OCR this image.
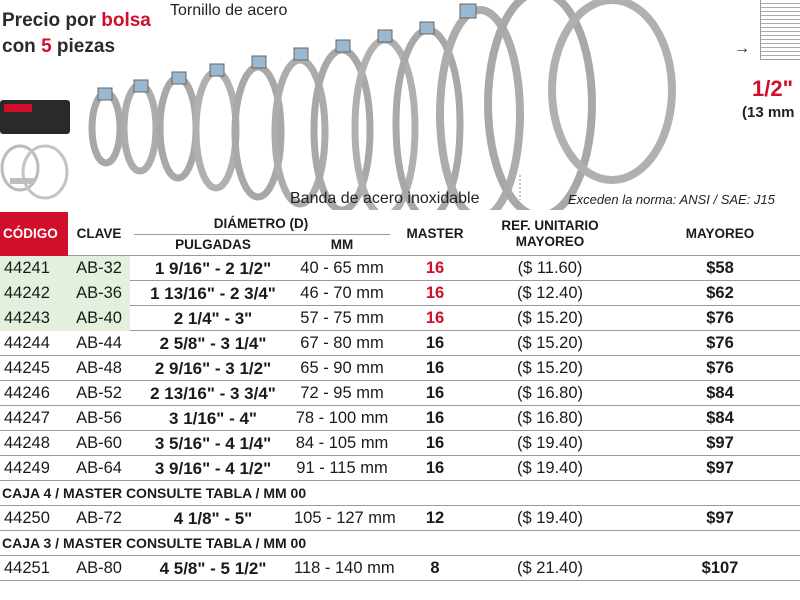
Precio por bolsa
con 5 piezas
Tornillo de acero
Banda de acero inoxidable	Exceden la norma: ANSI / SAE: J15
→
1/2"
(13 mm
CÓDIGO	CLAVE
DIÁMETRO (D)
PULGADAS	MM
MASTER
REF. UNITARIO
MAYOREO
MAYOREO
44241	AB-32	1 9/16" - 2 1/2"	40 - 65 mm	16	($ 11.60)	$58
44242	AB-36	1 13/16" - 2 3/4"	46 - 70 mm	16	($ 12.40)	$62
44243	AB-40	2 1/4" - 3"	57 - 75 mm	16	($ 15.20)	$76
44244	AB-44	2 5/8" - 3 1/4"	67 - 80 mm	16	($ 15.20)	$76
44245	AB-48	2 9/16" - 3 1/2"	65 - 90 mm	16	($ 15.20)	$76
44246	AB-52	2 13/16" - 3 3/4"	72 - 95 mm	16	($ 16.80)	$84
44247	AB-56	3 1/16" - 4"	78 - 100 mm	16	($ 16.80)	$84
44248	AB-60	3 5/16" - 4 1/4"	84 - 105 mm	16	($ 19.40)	$97
44249	AB-64	3 9/16" - 4 1/2"	91 - 115 mm	16	($ 19.40)	$97
CAJA 4 / MASTER CONSULTE TABLA / MM 00
44250	AB-72	4 1/8" - 5"	105 - 127 mm	12	($ 19.40)	$97
CAJA 3 / MASTER CONSULTE TABLA / MM 00
44251	AB-80	4 5/8" - 5 1/2"	118 - 140 mm	8	($ 21.40)	$107
